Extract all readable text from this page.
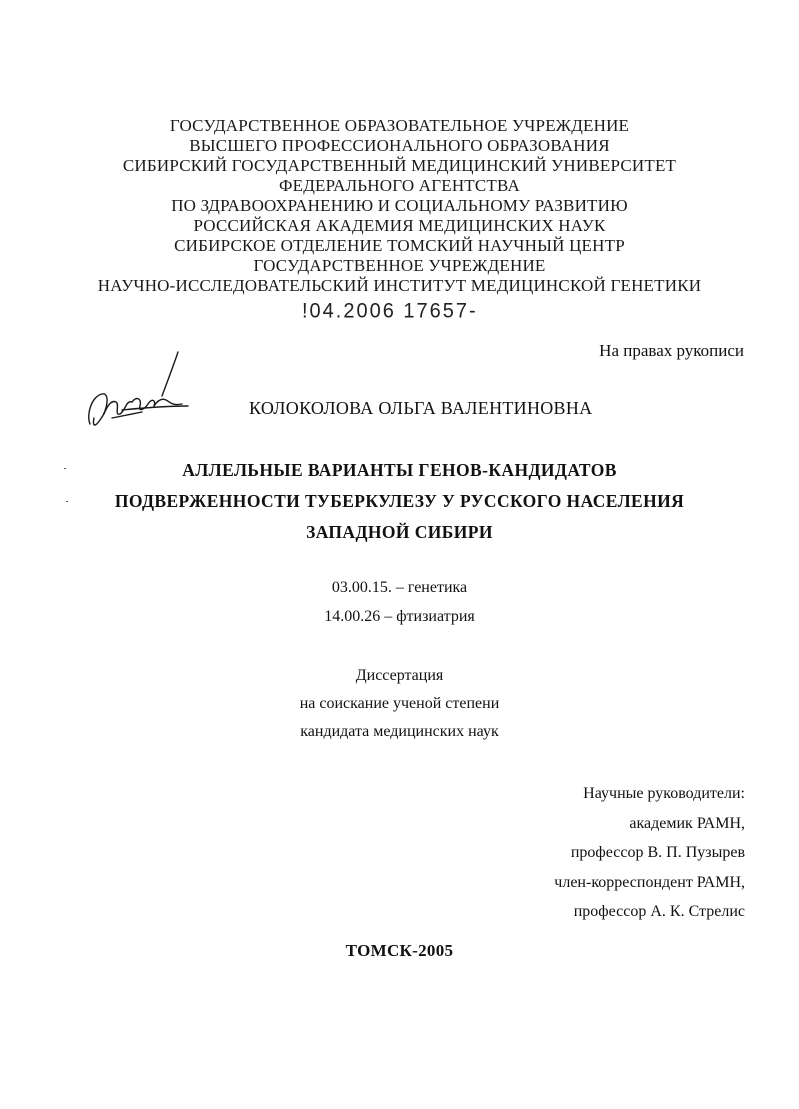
ГОСУДАРСТВЕННОЕ ОБРАЗОВАТЕЛЬНОЕ УЧРЕЖДЕНИЕ
ВЫСШЕГО ПРОФЕССИОНАЛЬНОГО ОБРАЗОВАНИЯ
СИБИРСКИЙ ГОСУДАРСТВЕННЫЙ МЕДИЦИНСКИЙ УНИВЕРСИТЕТ
ФЕДЕРАЛЬНОГО АГЕНТСТВА
ПО ЗДРАВООХРАНЕНИЮ И СОЦИАЛЬНОМУ РАЗВИТИЮ
РОССИЙСКАЯ АКАДЕМИЯ МЕДИЦИНСКИХ НАУК
СИБИРСКОЕ ОТДЕЛЕНИЕ ТОМСКИЙ НАУЧНЫЙ ЦЕНТР
ГОСУДАРСТВЕННОЕ УЧРЕЖДЕНИЕ
НАУЧНО-ИССЛЕДОВАТЕЛЬСКИЙ ИНСТИТУТ МЕДИЦИНСКОЙ ГЕНЕТИКИ
!04.2006 17657-
На правах рукописи
КОЛОКОЛОВА ОЛЬГА ВАЛЕНТИНОВНА
АЛЛЕЛЬНЫЕ ВАРИАНТЫ ГЕНОВ-КАНДИДАТОВ
ПОДВЕРЖЕННОСТИ ТУБЕРКУЛЕЗУ У РУССКОГО НАСЕЛЕНИЯ
ЗАПАДНОЙ СИБИРИ
03.00.15. – генетика
14.00.26 – фтизиатрия
Диссертация
на соискание ученой степени
кандидата медицинских наук
Научные руководители:
академик РАМН,
профессор В. П. Пузырев
член-корреспондент РАМН,
профессор А. К. Стрелис
ТОМСК-2005
